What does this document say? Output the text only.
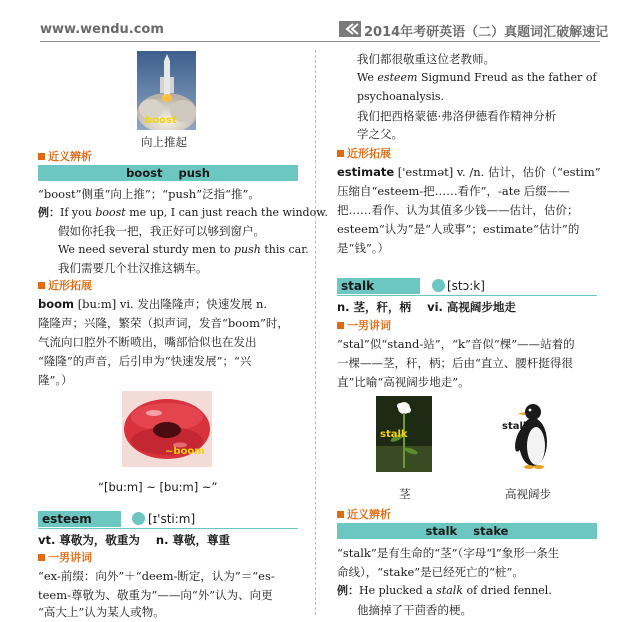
www.wendu.com	2014年考研英语（二）真题词汇破解速记
boost
向上推起
近义辨析
boost    push
“boost”侧重“向上推”；“push”泛指“推”。
例：If you boost me up, I can just reach the window.
假如你托我一把，我正好可以够到窗户。
We need several sturdy men to push this car.
我们需要几个壮汉推这辆车。
近形拓展
boom [bu:m] vi. 发出隆隆声；快速发展 n.
隆隆声；兴隆，繁荣（拟声词，发音“boom”时，
气流向口腔外不断喷出，嘴部恰似也在发出
“隆隆”的声音，后引申为“快速发展”；“兴
隆”。）
~boom
“[bu:m] ~ [bu:m] ~”
esteem	[ɪ'sti:m]
vt. 尊敬为，敬重为    n. 尊敬，尊重
一男讲词
“ex-前缀：向外”＋“deem-断定，认为”＝“es-
teem-尊敬为、敬重为”——向“外”认为、向更
“高大上”认为某人或物。
我们都很敬重这位老教师。
We esteem Sigmund Freud as the father of
psychoanalysis.
我们把西格蒙德·弗洛伊德看作精神分析
学之父。
近形拓展
estimate ['estɪmət] v. /n. 估计，估价（“estim”
压缩自“esteem-把……看作”，-ate 后缀——
把……看作、认为其值多少钱——估计，估价；
esteem“认为”是“人或事”；estimate“估计”的
是“钱”。）
stalk	[stɔ:k]
n. 茎，秆，柄    vi. 高视阔步地走
一男讲词
“stal”似“stand-站”，“k”音似“棵”——站着的
一棵——茎，秆，柄；后由“直立、腰杆挺得很
直”比喻“高视阔步地走”。
stalk
茎
stalk
高视阔步
近义辨析
stalk    stake
“stalk”是有生命的“茎”（字母“l”象形一条生
命线），“stake”是已经死亡的“桩”。
例：He plucked a stalk of dried fennel.
他摘掉了干茴香的梗。
